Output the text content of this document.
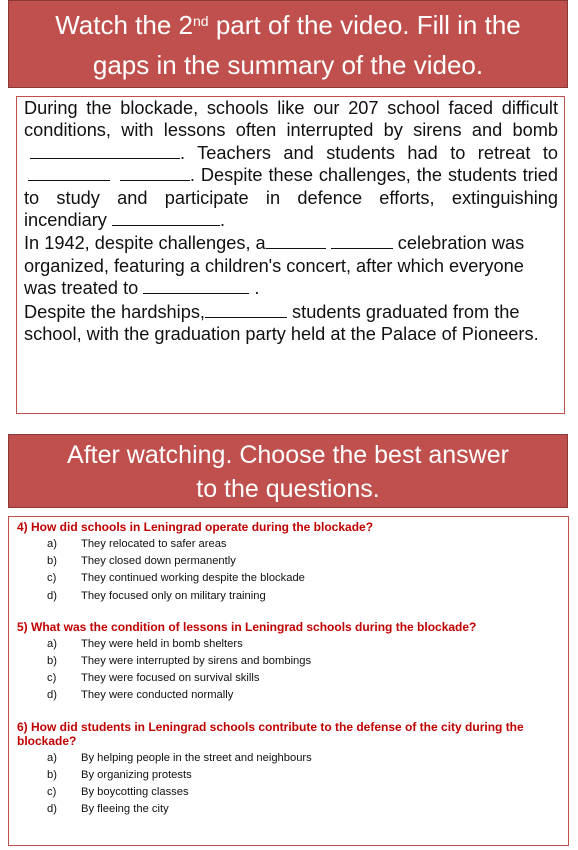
Watch the 2nd part of the video. Fill in the
gaps in the summary of the video.

During the blockade, schools like our 207 school faced difficult conditions, with lessons often interrupted by sirens and bomb . Teachers and students had to retreat to  . Despite these challenges, the students tried to study and participate in defence efforts, extinguishing incendiary	.

In 1942, despite challenges, a	celebration was organized, featuring a children's concert, after which everyone was treated to	.

Despite the hardships,	students graduated from the school, with the graduation party held at the Palace of Pioneers.

After watching. Choose the best answer
to the questions.

4) How did schools in Leningrad operate during the blockade?

a)	They relocated to safer areas
b)	They closed down permanently
c)	They continued working despite the blockade
d)	They focused only on military training

5) What was the condition of lessons in Leningrad schools during the blockade?

a)	They were held in bomb shelters
b)	They were interrupted by sirens and bombings
c)	They were focused on survival skills
d)	They were conducted normally

6) How did students in Leningrad schools contribute to the defense of the city during the blockade?

a)	By helping people in the street and neighbours
b)	By organizing protests
c)	By boycotting classes
d)	By fleeing the city
